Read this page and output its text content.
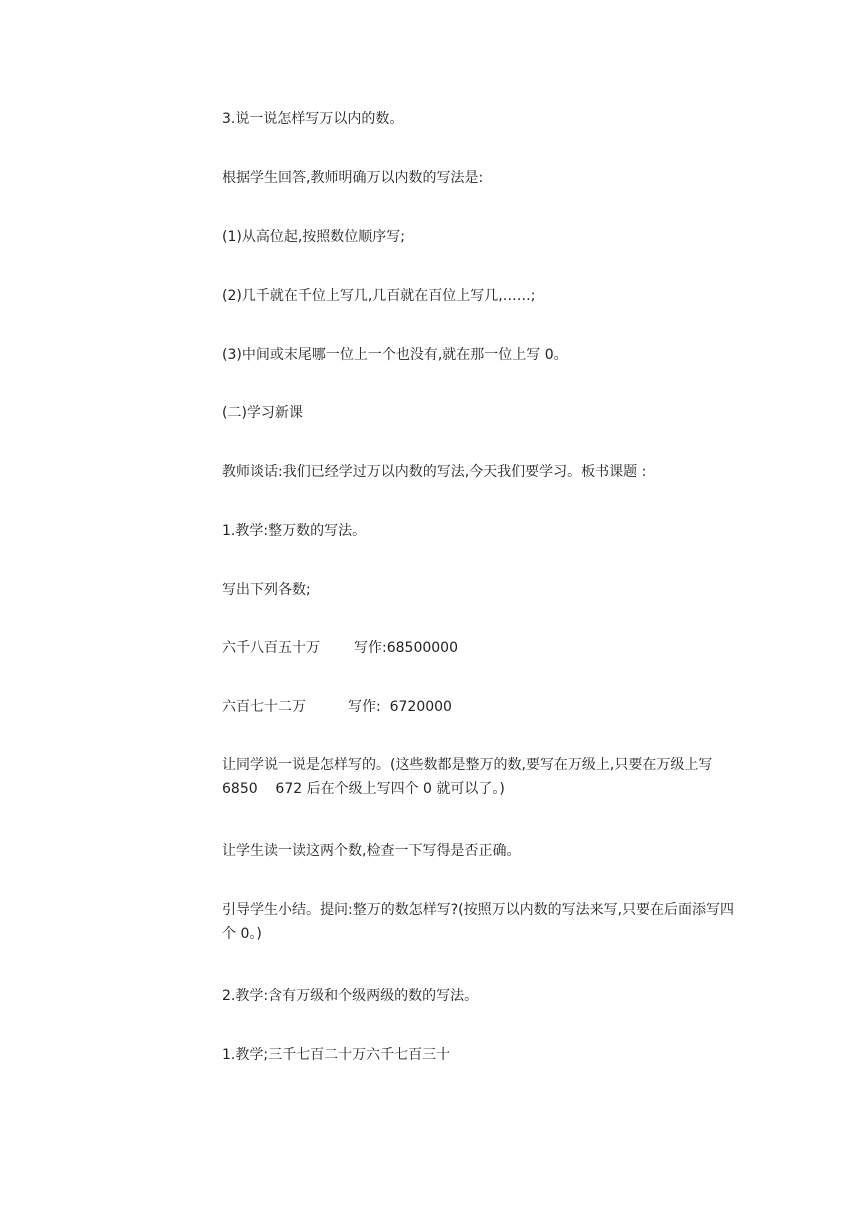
3.说一说怎样写万以内的数。

根据学生回答,教师明确万以内数的写法是:

(1)从高位起,按照数位顺序写;

(2)几千就在千位上写几,几百就在百位上写几,……;

(3)中间或末尾哪一位上一个也没有,就在那一位上写 0。

(二)学习新课

教师谈话:我们已经学过万以内数的写法,今天我们要学习。板书课题 :

1.教学:整万数的写法。

写出下列各数;

六千八百五十万 写作:68500000

六百七十二万	写作:  6720000

让同学说一说是怎样写的。(这些数都是整万的数,要写在万级上,只要在万级上写 6850    672 后在个级上写四个 0 就可以了。)

让学生读一读这两个数,检查一下写得是否正确。

引导学生小结。提问:整万的数怎样写?(按照万以内数的写法来写,只要在后面添写四个 0。)

2.教学:含有万级和个级两级的数的写法。

1.教学;三千七百二十万六千七百三十
